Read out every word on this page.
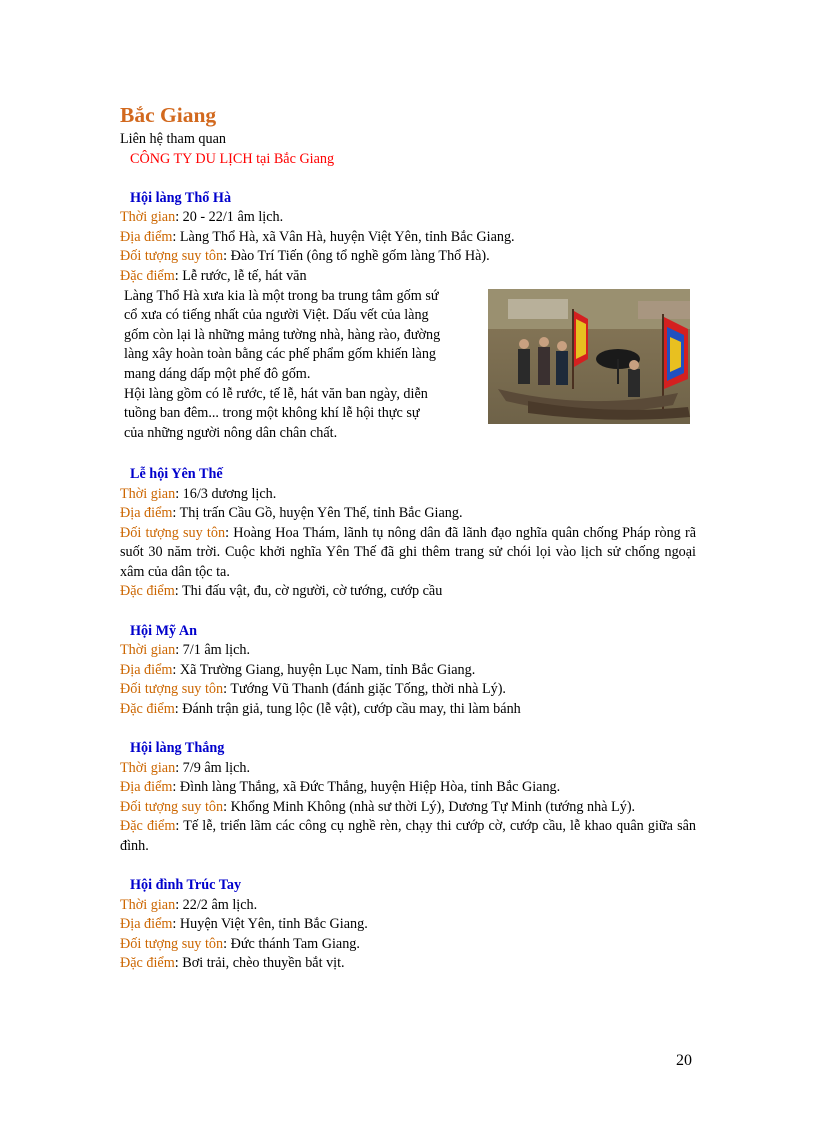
Bắc Giang
Liên hệ tham quan
CÔNG TY DU LỊCH tại Bắc Giang
Hội làng Thổ Hà
Thời gian: 20 - 22/1 âm lịch.
Địa điểm: Làng Thổ Hà, xã Vân Hà, huyện Việt Yên, tỉnh Bắc Giang.
Đối tượng suy tôn: Đào Trí Tiến (ông tổ nghề gốm làng Thổ Hà).
Đặc điểm: Lễ rước, lễ tế, hát văn
Làng Thổ Hà xưa kia là một trong ba trung tâm gốm sứ
cổ xưa có tiếng nhất của người Việt. Dấu vết của làng
gốm còn lại là những mảng tường nhà, hàng rào, đường
làng xây hoàn toàn bằng các phế phẩm gốm khiến làng
mang dáng dấp một phế đô gốm.
Hội làng gồm có lễ rước, tế lễ, hát văn ban ngày, diễn
tuồng ban đêm... trong một không khí lễ hội thực sự
của những người nông dân chân chất.
Lễ hội Yên Thế
Thời gian: 16/3 dương lịch.
Địa điểm: Thị trấn Cầu Gồ, huyện Yên Thế, tỉnh Bắc Giang.
Đối tượng suy tôn: Hoàng Hoa Thám, lãnh tụ nông dân đã lãnh đạo nghĩa quân chống Pháp ròng rã suốt 30 năm trời. Cuộc khởi nghĩa Yên Thế đã ghi thêm trang sử chói lọi vào lịch sử chống ngoại xâm của dân tộc ta.
Đặc điểm: Thi đấu vật, đu, cờ người, cờ tướng, cướp cầu
Hội Mỹ An
Thời gian: 7/1 âm lịch.
Địa điểm: Xã Trường Giang, huyện Lục Nam, tỉnh Bắc Giang.
Đối tượng suy tôn: Tướng Vũ Thanh (đánh giặc Tống, thời nhà Lý).
Đặc điểm: Đánh trận giả, tung lộc (lễ vật), cướp cầu may, thi làm bánh
Hội làng Thắng
Thời gian: 7/9 âm lịch.
Địa điểm: Đình làng Thắng, xã Đức Thắng, huyện Hiệp Hòa, tỉnh Bắc Giang.
Đối tượng suy tôn: Khổng Minh Không (nhà sư thời Lý), Dương Tự Minh (tướng nhà Lý).
Đặc điểm: Tế lễ, triển lãm các công cụ nghề rèn, chạy thi cướp cờ, cướp cầu, lễ khao quân giữa sân đình.
Hội đình Trúc Tay
Thời gian: 22/2 âm lịch.
Địa điểm: Huyện Việt Yên, tỉnh Bắc Giang.
Đối tượng suy tôn: Đức thánh Tam Giang.
Đặc điểm: Bơi trải, chèo thuyền bắt vịt.
20
